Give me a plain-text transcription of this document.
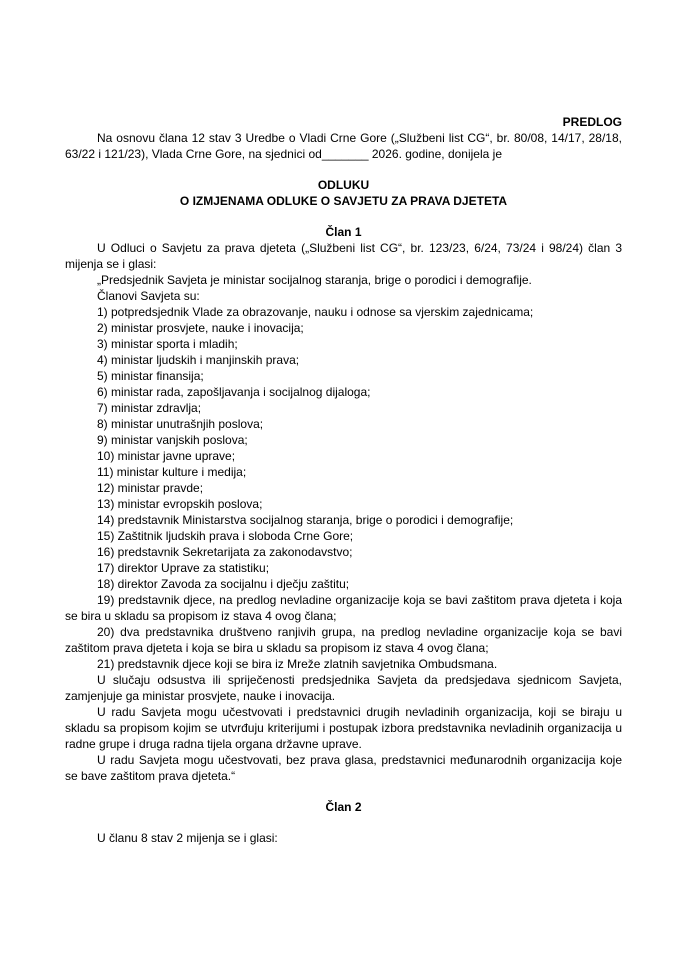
PREDLOG

Na osnovu člana 12 stav 3 Uredbe o Vladi Crne Gore („Službeni list CG“, br. 80/08, 14/17, 28/18, 63/22 i 121/23), Vlada Crne Gore, na sjednici od_______ 2026. godine, donijela je

ODLUKU

O IZMJENAMA ODLUKE O SAVJETU ZA PRAVA DJETETA

Član 1

U Odluci o Savjetu za prava djeteta („Službeni list CG“, br. 123/23, 6/24, 73/24 i 98/24) član 3 mijenja se i glasi:

„Predsjednik Savjeta je ministar socijalnog staranja, brige o porodici i demografije.

Članovi Savjeta su:

1) potpredsjednik Vlade za obrazovanje, nauku i odnose sa vjerskim zajednicama;

2) ministar prosvjete, nauke i inovacija;

3) ministar sporta i mladih;

4) ministar ljudskih i manjinskih prava;

5) ministar finansija;

6) ministar rada, zapošljavanja i socijalnog dijaloga;

7) ministar zdravlja;

8) ministar unutrašnjih poslova;

9) ministar vanjskih poslova;

10) ministar javne uprave;

11) ministar kulture i medija;

12) ministar pravde;

13) ministar evropskih poslova;

14) predstavnik Ministarstva socijalnog staranja, brige o porodici i demografije;

15) Zaštitnik ljudskih prava i sloboda Crne Gore;

16) predstavnik Sekretarijata za zakonodavstvo;

17) direktor Uprave za statistiku;

18) direktor Zavoda za socijalnu i dječju zaštitu;

19) predstavnik djece, na predlog nevladine organizacije koja se bavi zaštitom prava djeteta i koja se bira u skladu sa propisom iz stava 4 ovog člana;

20) dva predstavnika društveno ranjivih grupa, na predlog nevladine organizacije koja se bavi zaštitom prava djeteta i koja se bira u skladu sa propisom iz stava 4 ovog člana;

21) predstavnik djece koji se bira iz Mreže zlatnih savjetnika Ombudsmana.

U slučaju odsustva ili spriječenosti predsjednika Savjeta da predsjedava sjednicom Savjeta, zamjenjuje ga ministar prosvjete, nauke i inovacija.

U radu Savjeta mogu učestvovati i predstavnici drugih nevladinih organizacija, koji se biraju u skladu sa propisom kojim se utvrđuju kriterijumi i postupak izbora predstavnika nevladinih organizacija u radne grupe i druga radna tijela organa državne uprave.

U radu Savjeta mogu učestvovati, bez prava glasa, predstavnici međunarodnih organizacija koje se bave zaštitom prava djeteta.“

Član 2

U članu 8 stav 2 mijenja se i glasi:
